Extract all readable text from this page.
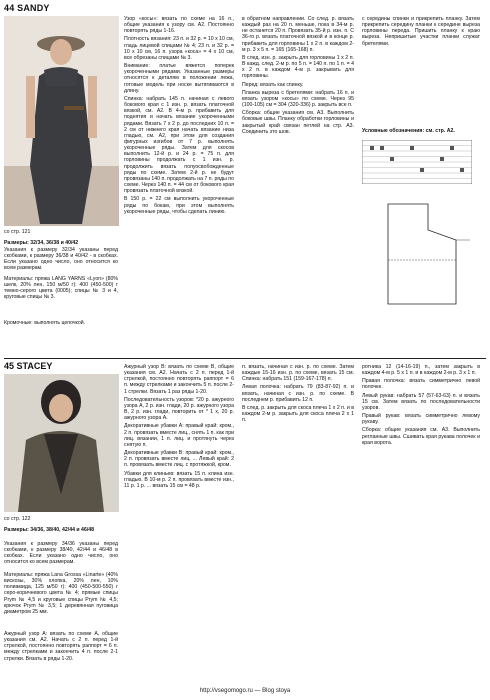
44 SANDY
со стр. 121
Размеры: 32/34, 36/38 и 40/42
Указания к размеру 32/34 указаны перед скобками, к размеру 36/38 и 40/42 - в скобках. Если указано одно число, оно относится ко всем размерам.
Материалы: пряжа LANG YARNS «Lyon» (80% шелк, 20% лен, 150 м/50 г): 400 (450-500) г темно-серого цвета (0005); спицы № 3 и 4, круговые спицы № 3.
Кромочные: выполнять цепочкой.

Узор «косы»: вязать по схеме на 16 п., общие указания к узору см. А2. Постоянно повторять ряды 1-16.

Плотность вязания: 23 п. и 32 р. = 10 х 10 см, гладь лицевой спицами № 4; 23 п. и 32 р. = 10 х 10 см, 16 п. узора «коса» = 4 х 10 см, все обрезаны спицами № 3.

Внимание: платье вяжется поперек укороченными рядами. Указанные размеры относятся к деталям в положении лежа, готовые модель при носке вытягиваются в длину.

Спинка: набрать 145 п. начиная с левого бокового края с 1 изн. р. вязать платочной вязкой, см. А2. В 4-м р. прибавить для поднятия и начать вязание укороченными рядами. Вязать 7 х 2 р. до последних 10 п. = 2 см от нижнего края начать вязание низа гладью, см. А2, при этом для создания фигурных изгибов от 7 р. выполнять укороченные ряды. Затем для скосов выполнить 12-й р. и 24 р. = 75 п. для горловины продолжать с 1 изн. р. продолжить вязать полуосвобожденные ряды по схеме. Затем 2-й р. не будут провязаны 140 п. продолжать на 7 п. ряды по схеме. Через 140 п. = 44 см от бокового края провязать платочной вязкой.

В 150 р. = 22 см выполнить укороченные ряды по бокам, при этом выполнять укороченные ряды, чтобы сделать линию.

в обратном направлении. Со след. р. вязать каждый раз на 20 п. меньше, пока в 34-м р. не останется 20 п. Провязать 35-й р. изн. п. С 36-го р. вязать платочной вязкой и в конце р. прибавить для горловины 1 х 2 п. в каждом 2-м р. 3 х 5 п. = 165 (165-168) п.

В след. изн. р. закрыть для горловины 1 х 2 п. В кажд. след. 2-м р. по 5 п. = 140 п. по 1 п. = 4 х 2 п. в каждом 4-м р. закрывать для горловины.

Перед: вязать как спинку.

Планка выреза с бретелями: набрать 16 п. и вязать узором «косы» по схеме. Через 95 (100-105) см = 304 (320-336) р. закрыть все п.

Сборка: общие указания см. А3. Выполнить боковые швы. Планку обработки горловины и закрытый край связан петлей на стр. А3. Соединить это шов.

с середины спинки и прикрепить планку. Затем прикрепить середину планки к середине выреза горловины переда. Пришить планку к краю выреза. Непришитые участки планки служат бретелями.

Условные обозначения: см. стр. А2.
45 STACEY
со стр. 122
Размеры: 34/36, 38/40, 42/44 и 46/48
Указания к размеру 34/36 указаны перед скобками, к размеру 38/40, 42/44 и 46/48 в скобках. Если указано одно число, оно относится ко всем размерам.
Материалы: пряжа Lana Grossa «Linarte» (40% вискозы, 30% хлопка, 20% лен, 10% полиамида, 125 м/50 г): 400 (450-500-550) г серо-коричневого цвета № 4; прямые спицы Prym № 4,5 и круговые спицы Prym № 4,5; крючок Prym № 3,5; 1 деревянная пуговица диаметром 25 мм.
Ажурный узор А: вязать по схеме А, общие указания см. А2. Начать с 2 п. перед 1-й стрелкой, постоянно повторять раппорт = 6 п. между стрелками и закончить 4 п. после 2-1 стрелки. Вязать в ряды 1-20.

Ажурный узор B: вязать по схеме B, общие указания см. А2. Начать с 2 п. перед 1-й стрелкой, постоянно повторять раппорт = 6 п. между стрелками и закончить 5 п. после 2-1 стрелки. Вязать 1 раз ряды 1-20.

Последовательность узоров: *20 р. ажурного узора А, 2 р. изн. глади, 20 р. ажурного узора В, 2 р. изн. глади, повторить от * 1 х, 20 р. ажурного узора А.

Декоративные убавки А: правый край: кром., 2 п. провязать вместе лиц., снять 1 п. как при лиц. вязании, 1 п. лиц. и протянуть через снятую п.

Декоративные убавки В: правый край: кром., 2 п. провязать вместе лиц. ... Левый край: 2 п. провязать вместе лиц. с протяжкой, кром.

Убавки для клиньев: вязать 15 п. клина изн. гладью. В 10-м р. 2 п. провязать вместе изн., 11 р. 1 р. ... вязать 15 см = 48 р.

п. вязать, начиная с изн. р. по схеме. Затем каждые 15-16 изн. р. по схеме, вязать 15 см. Спинка: набрать 151 (159-167-178) п.

Левая полочка: набрать 79 (83-87-92) п. и вязать, начиная с изн. р. по схеме. В последнем р. прибавить 12 п.

В след. р. закрыть для скоса плеча 1 х 2 п. и в каждом 2-м р. закрыть для скоса плеча 2 х 1 п.

ротника 12 (14-16-19) п., затем закрыть в каждом 4-м р. 5 х 1 п. и в каждом 2-м р. 3 х 1 п.

Правая полочка: вязать симметрично левой полочке.

Левый рукав: набрать 57 (57-63-63) п. и вязать 15 см. Затем вязать по последовательности узоров.

Правый рукав: вязать симметрично левому рукаву.

Сборка: общие указания см. А3. Выполнить регланные швы. Сшивать края рукава полочек и края ворота.

http://vsegomogo.ru — Blog stoya
